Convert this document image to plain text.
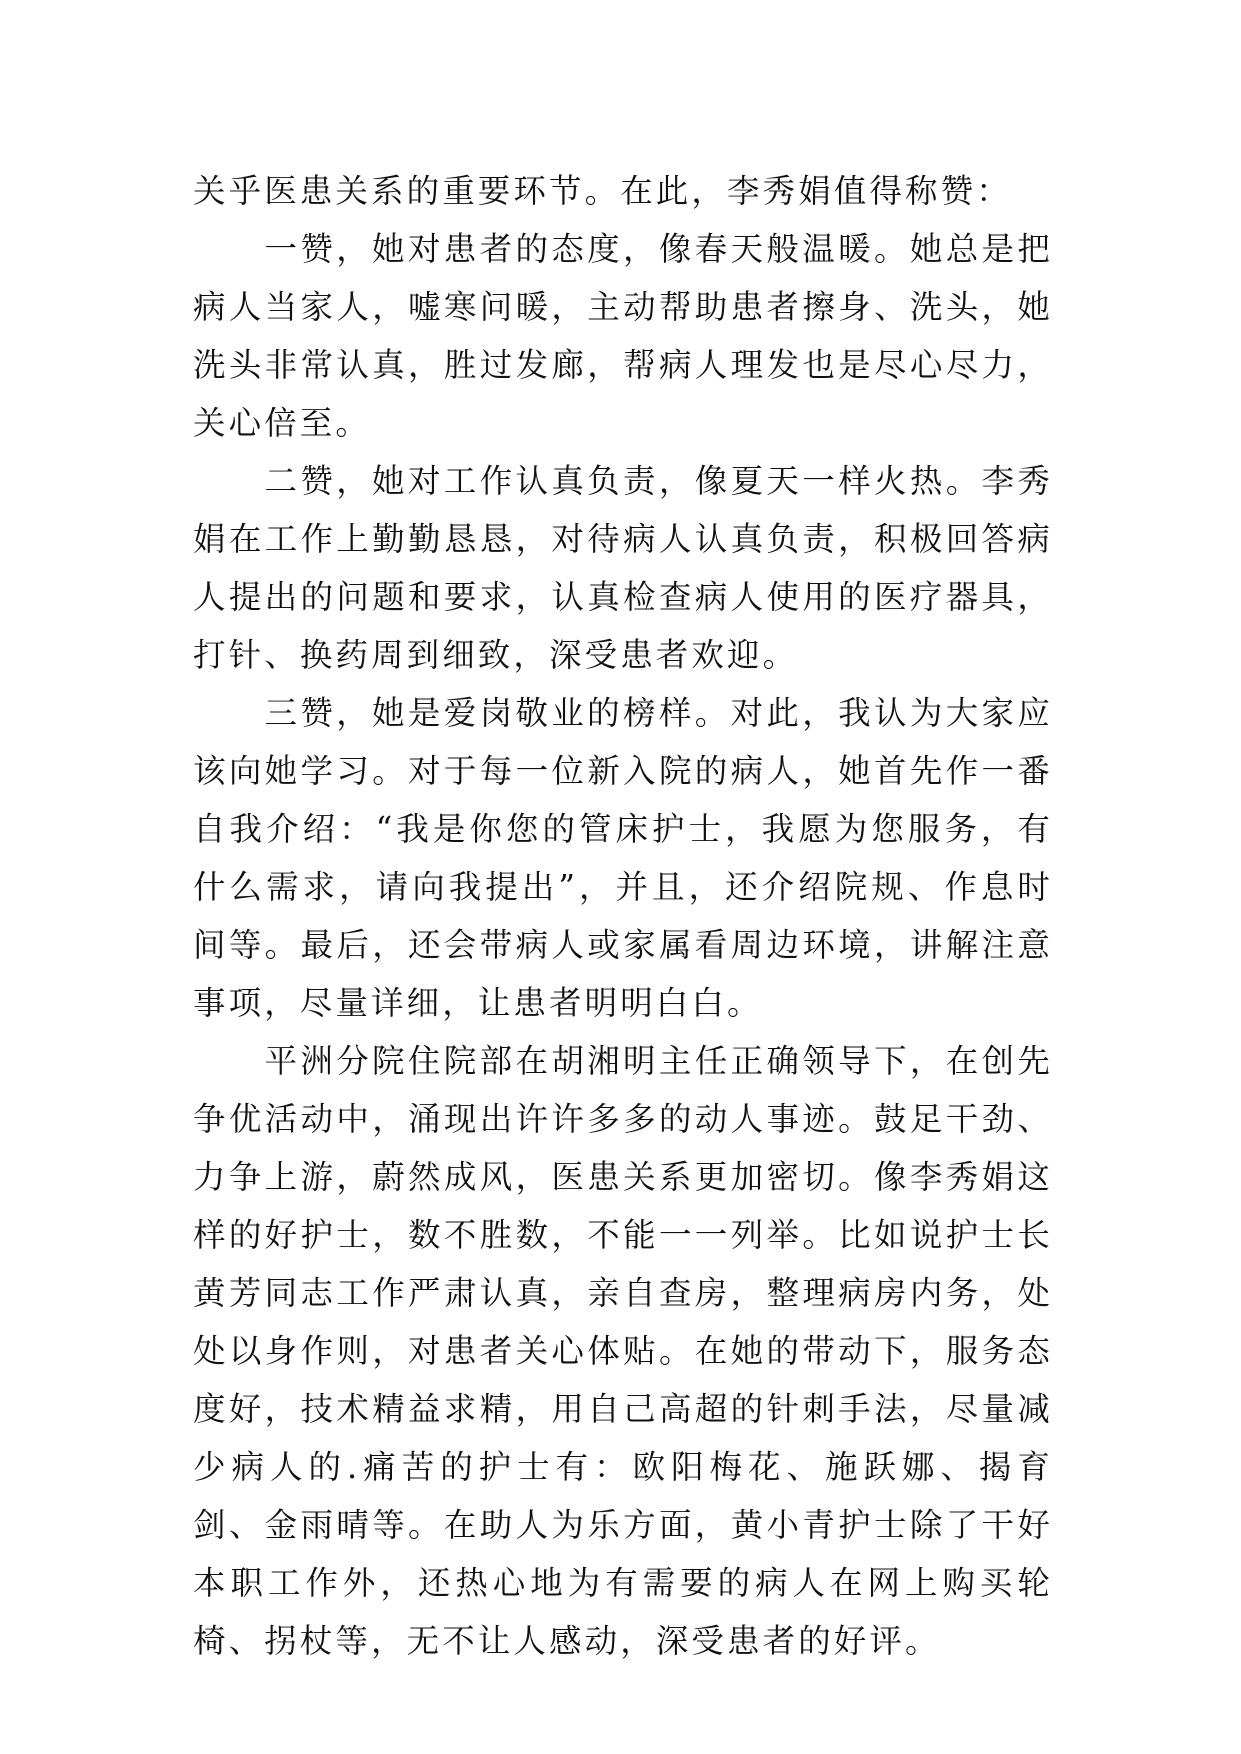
关乎医患关系的重要环节。在此，李秀娟值得称赞：

一赞，她对患者的态度，像春天般温暖。她总是把病人当家人，嘘寒问暖，主动帮助患者擦身、洗头，她洗头非常认真，胜过发廊，帮病人理发也是尽心尽力，关心倍至。

二赞，她对工作认真负责，像夏天一样火热。李秀娟在工作上勤勤恳恳，对待病人认真负责，积极回答病人提出的问题和要求，认真检查病人使用的医疗器具，打针、换药周到细致，深受患者欢迎。

三赞，她是爱岗敬业的榜样。对此，我认为大家应该向她学习。对于每一位新入院的病人，她首先作一番自我介绍：“我是你您的管床护士，我愿为您服务，有什么需求，请向我提出”，并且，还介绍院规、作息时间等。最后，还会带病人或家属看周边环境，讲解注意事项，尽量详细，让患者明明白白。

平洲分院住院部在胡湘明主任正确领导下，在创先争优活动中，涌现出许许多多的动人事迹。鼓足干劲、力争上游，蔚然成风，医患关系更加密切。像李秀娟这样的好护士，数不胜数，不能一一列举。比如说护士长黄芳同志工作严肃认真，亲自查房，整理病房内务，处处以身作则，对患者关心体贴。在她的带动下，服务态度好，技术精益求精，用自己高超的针刺手法，尽量减少病人的.痛苦的护士有：欧阳梅花、施跃娜、揭育剑、金雨晴等。在助人为乐方面，黄小青护士除了干好本职工作外，还热心地为有需要的病人在网上购买轮椅、拐杖等，无不让人感动，深受患者的好评。
